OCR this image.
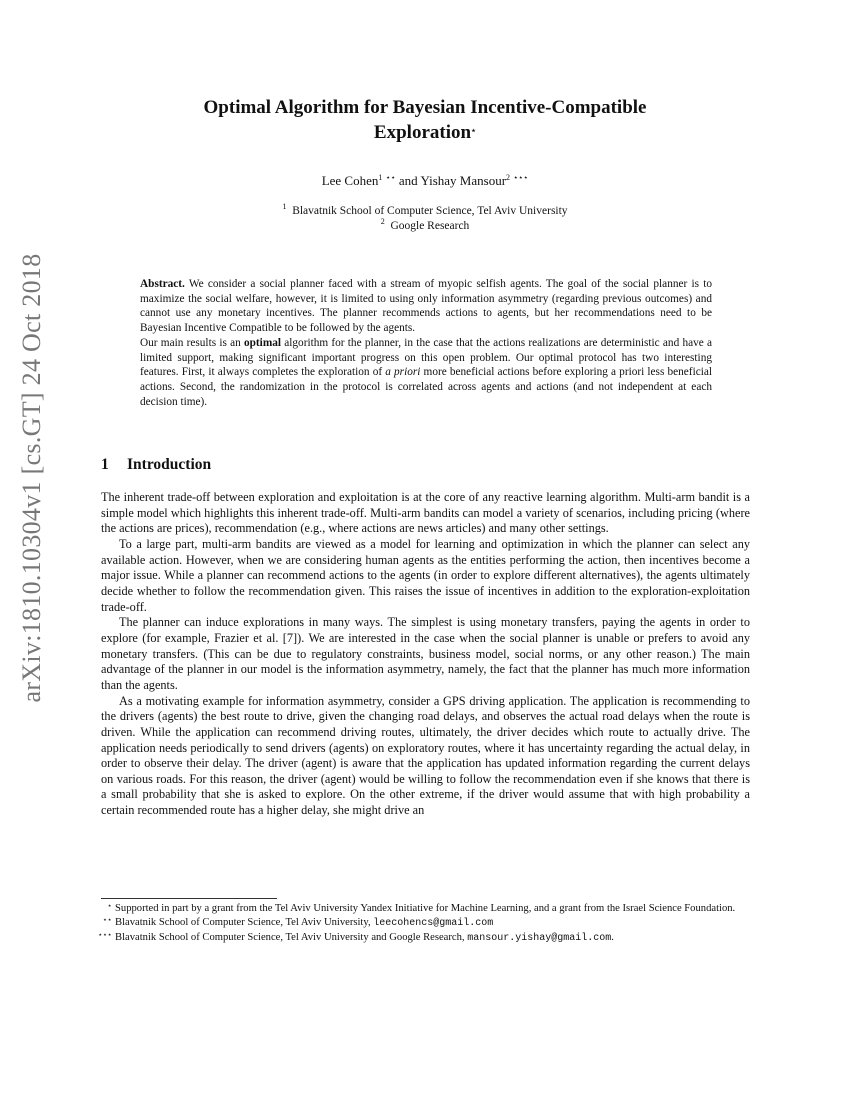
arXiv:1810.10304v1 [cs.GT] 24 Oct 2018
Optimal Algorithm for Bayesian Incentive-Compatible
Exploration⋆
Lee Cohen$^1$ ⋆⋆ and Yishay Mansour$^2$ ⋆⋆⋆
$^1$ Blavatnik School of Computer Science, Tel Aviv University
$^2$ Google Research

Abstract. We consider a social planner faced with a stream of myopic selfish agents. The goal of the social planner is to maximize the social welfare, however, it is limited to using only information asymmetry (regarding previous outcomes) and cannot use any monetary incentives. The planner recommends actions to agents, but her recommendations need to be Bayesian Incentive Compatible to be followed by the agents.

Our main results is an optimal algorithm for the planner, in the case that the actions realizations are deterministic and have a limited support, making significant important progress on this open problem. Our optimal protocol has two interesting features. First, it always completes the exploration of a priori more beneficial actions before exploring a priori less beneficial actions. Second, the randomization in the protocol is correlated across agents and actions (and not independent at each decision time).

1 Introduction

The inherent trade-off between exploration and exploitation is at the core of any reactive learning algorithm. Multi-arm bandit is a simple model which highlights this inherent trade-off. Multi-arm bandits can model a variety of scenarios, including pricing (where the actions are prices), recommendation (e.g., where actions are news articles) and many other settings.

To a large part, multi-arm bandits are viewed as a model for learning and optimization in which the planner can select any available action. However, when we are considering human agents as the entities performing the action, then incentives become a major issue. While a planner can recommend actions to the agents (in order to explore different alternatives), the agents ultimately decide whether to follow the recommendation given. This raises the issue of incentives in addition to the exploration-exploitation trade-off.

The planner can induce explorations in many ways. The simplest is using monetary transfers, paying the agents in order to explore (for example, Frazier et al. [7]). We are interested in the case when the social planner is unable or prefers to avoid any monetary transfers. (This can be due to regulatory constraints, business model, social norms, or any other reason.) The main advantage of the planner in our model is the information asymmetry, namely, the fact that the planner has much more information than the agents.

As a motivating example for information asymmetry, consider a GPS driving application. The application is recommending to the drivers (agents) the best route to drive, given the changing road delays, and observes the actual road delays when the route is driven. While the application can recommend driving routes, ultimately, the driver decides which route to actually drive. The application needs periodically to send drivers (agents) on exploratory routes, where it has uncertainty regarding the actual delay, in order to observe their delay. The driver (agent) is aware that the application has updated information regarding the current delays on various roads. For this reason, the driver (agent) would be willing to follow the recommendation even if she knows that there is a small probability that she is asked to explore. On the other extreme, if the driver would assume that with high probability a certain recommended route has a higher delay, she might drive an

⋆ Supported in part by a grant from the Tel Aviv University Yandex Initiative for Machine Learning, and a grant from the Israel Science Foundation.
⋆⋆ Blavatnik School of Computer Science, Tel Aviv University, leecohencs@gmail.com
⋆⋆⋆ Blavatnik School of Computer Science, Tel Aviv University and Google Research, mansour.yishay@gmail.com.
